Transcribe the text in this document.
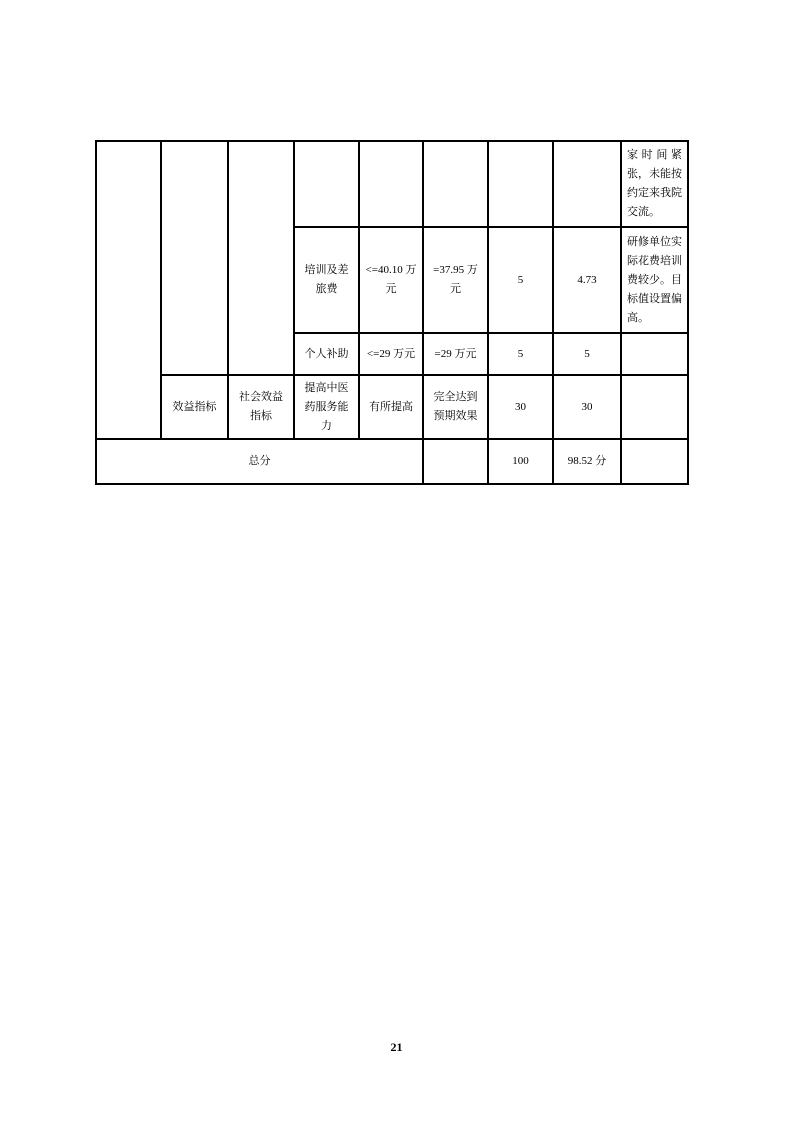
								家时间紧张，未能按约定来我院交流。
			培训及差旅费	<=40.10 万元	=37.95 万元	5	4.73	研修单位实际花费培训费较少。目标值设置偏高。
			个人补助	<=29 万元	=29 万元	5	5	
	效益指标	社会效益指标	提高中医药服务能力	有所提高	完全达到预期效果	30	30	
总分						100	98.52 分	
21
